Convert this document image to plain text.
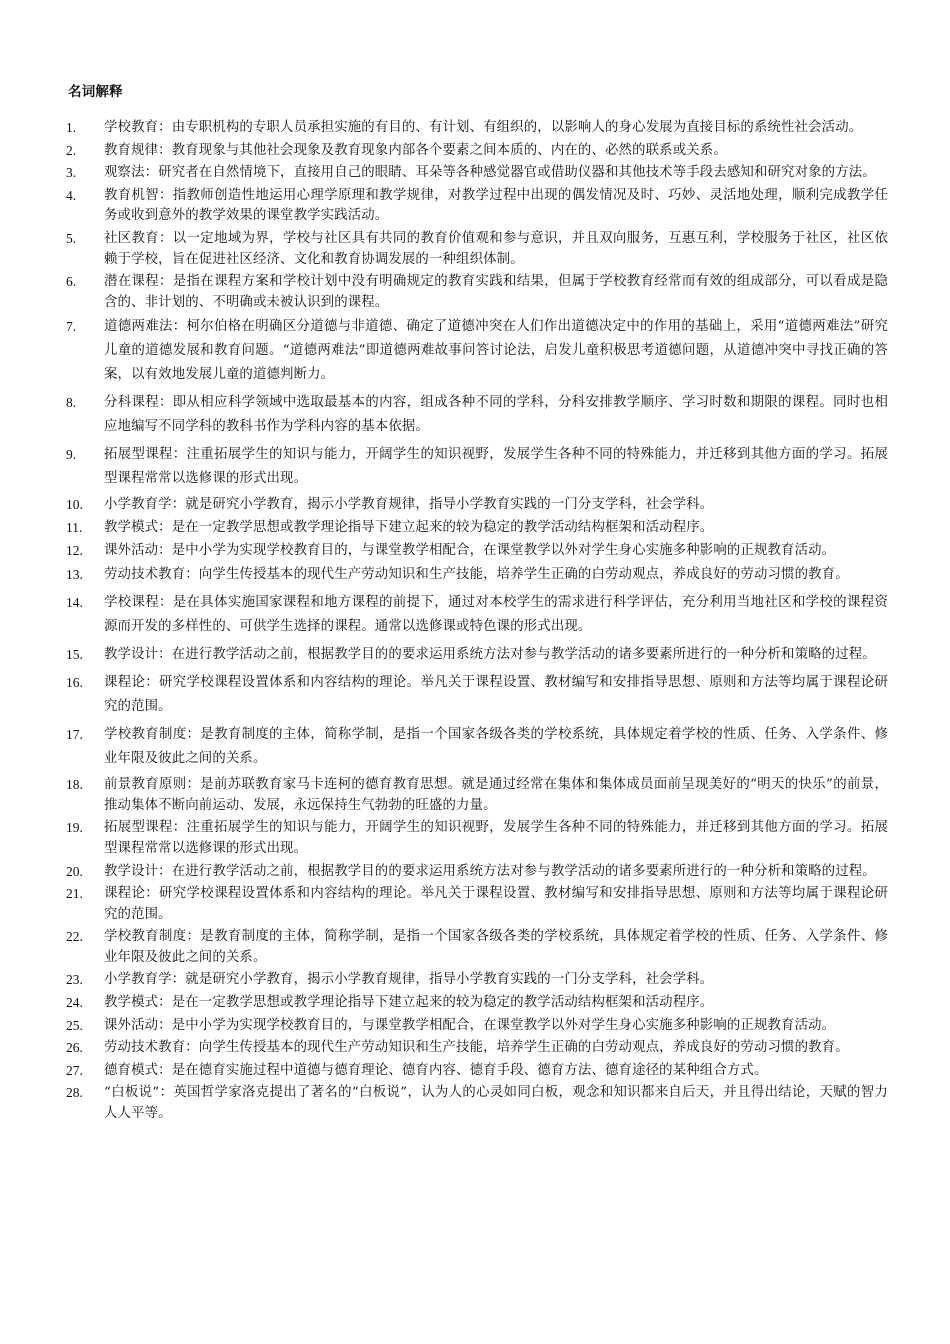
名词解释
1.	学校教育：由专职机构的专职人员承担实施的有目的、有计划、有组织的，以影响人的身心发展为直接目标的系统性社会活动。
2.	教育规律：教育现象与其他社会现象及教育现象内部各个要素之间本质的、内在的、必然的联系或关系。
3.	观察法：研究者在自然情境下，直接用自己的眼睛、耳朵等各种感觉器官或借助仪器和其他技术等手段去感知和研究对象的方法。
4.	教育机智：指教师创造性地运用心理学原理和教学规律，对教学过程中出现的偶发情况及时、巧妙、灵活地处理，顺利完成教学任务或收到意外的教学效果的课堂教学实践活动。
5.	社区教育：以一定地域为界，学校与社区具有共同的教育价值观和参与意识，并且双向服务，互惠互利，学校服务于社区，社区依赖于学校，旨在促进社区经济、文化和教育协调发展的一种组织体制。
6.	潜在课程：是指在课程方案和学校计划中没有明确规定的教育实践和结果，但属于学校教育经常而有效的组成部分，可以看成是隐含的、非计划的、不明确或未被认识到的课程。
7.	道德两难法：柯尔伯格在明确区分道德与非道德、确定了道德冲突在人们作出道德决定中的作用的基础上，采用“道德两难法”研究儿童的道德发展和教育问题。“道德两难法”即道德两难故事问答讨论法，启发儿童积极思考道德问题，从道德冲突中寻找正确的答案，以有效地发展儿童的道德判断力。
8.	分科课程：即从相应科学领域中选取最基本的内容，组成各种不同的学科，分科安排教学顺序、学习时数和期限的课程。同时也相应地编写不同学科的教科书作为学科内容的基本依据。
9.	拓展型课程：注重拓展学生的知识与能力，开阔学生的知识视野，发展学生各种不同的特殊能力，并迁移到其他方面的学习。拓展型课程常常以选修课的形式出现。
10.	小学教育学：就是研究小学教育，揭示小学教育规律，指导小学教育实践的一门分支学科，社会学科。
11.	教学模式：是在一定教学思想或教学理论指导下建立起来的较为稳定的教学活动结构框架和活动程序。
12.	课外活动：是中小学为实现学校教育目的，与课堂教学相配合，在课堂教学以外对学生身心实施多种影响的正规教育活动。
13.	劳动技术教育：向学生传授基本的现代生产劳动知识和生产技能，培养学生正确的白劳动观点，养成良好的劳动习惯的教育。
14.	学校课程：是在具体实施国家课程和地方课程的前提下，通过对本校学生的需求进行科学评估，充分利用当地社区和学校的课程资源而开发的多样性的、可供学生选择的课程。通常以选修课或特色课的形式出现。
15.	教学设计：在进行教学活动之前，根据教学目的的要求运用系统方法对参与教学活动的诸多要素所进行的一种分析和策略的过程。
16.	课程论：研究学校课程设置体系和内容结构的理论。举凡关于课程设置、教材编写和安排指导思想、原则和方法等均属于课程论研究的范围。
17.	学校教育制度：是教育制度的主体，简称学制，是指一个国家各级各类的学校系统，具体规定着学校的性质、任务、入学条件、修业年限及彼此之间的关系。
18.	前景教育原则：是前苏联教育家马卡连柯的德育教育思想。就是通过经常在集体和集体成员面前呈现美好的“明天的快乐”的前景，推动集体不断向前运动、发展，永远保持生气勃勃的旺盛的力量。
19.	拓展型课程：注重拓展学生的知识与能力，开阔学生的知识视野，发展学生各种不同的特殊能力，并迁移到其他方面的学习。拓展型课程常常以选修课的形式出现。
20.	教学设计：在进行教学活动之前，根据教学目的的要求运用系统方法对参与教学活动的诸多要素所进行的一种分析和策略的过程。
21.	课程论：研究学校课程设置体系和内容结构的理论。举凡关于课程设置、教材编写和安排指导思想、原则和方法等均属于课程论研究的范围。
22.	学校教育制度：是教育制度的主体，简称学制，是指一个国家各级各类的学校系统，具体规定着学校的性质、任务、入学条件、修业年限及彼此之间的关系。
23.	小学教育学：就是研究小学教育，揭示小学教育规律，指导小学教育实践的一门分支学科，社会学科。
24.	教学模式：是在一定教学思想或教学理论指导下建立起来的较为稳定的教学活动结构框架和活动程序。
25.	课外活动：是中小学为实现学校教育目的，与课堂教学相配合，在课堂教学以外对学生身心实施多种影响的正规教育活动。
26.	劳动技术教育：向学生传授基本的现代生产劳动知识和生产技能，培养学生正确的白劳动观点，养成良好的劳动习惯的教育。
27.	德育模式：是在德育实施过程中道德与德育理论、德育内容、德育手段、德育方法、德育途径的某种组合方式。
28.	“白板说”：英国哲学家洛克提出了著名的“白板说”，认为人的心灵如同白板，观念和知识都来自后天，并且得出结论，天赋的智力人人平等。
